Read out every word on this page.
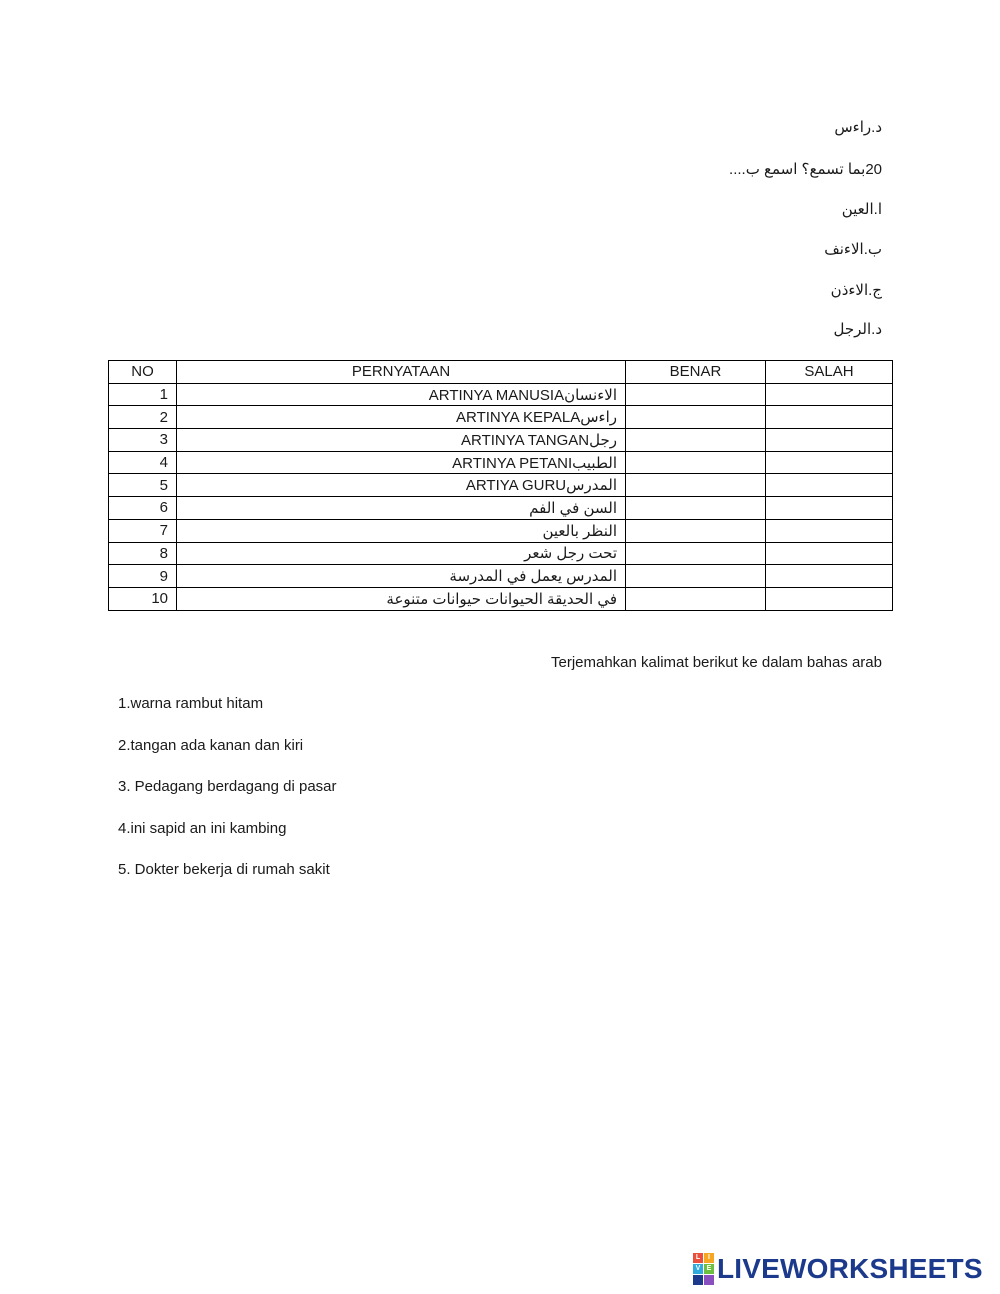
د.راءس
20بما تسمع؟ اسمع ب....
ا.العين
ب.الاءنف
ج.الاءذن
د.الرجل
NO	PERNYATAAN	BENAR	SALAH
1	الاءنسانARTINYA MANUSIA		
2	راءسARTINYA KEPALA		
3	رجلARTINYA TANGAN		
4	الطبيبARTINYA PETANI		
5	المدرسARTIYA GURU		
6	السن في الفم		
7	النظر بالعين		
8	تحت رجل شعر		
9	المدرس يعمل في المدرسة		
10	في الحديقة الحيوانات حيوانات متنوعة		
Terjemahkan kalimat berikut ke dalam bahas arab
1.warna rambut hitam
2.tangan ada kanan dan kiri
3. Pedagang berdagang di pasar
4.ini sapid an ini kambing
5. Dokter bekerja di rumah sakit
L	I
V E LIVEWORKSHEETS
